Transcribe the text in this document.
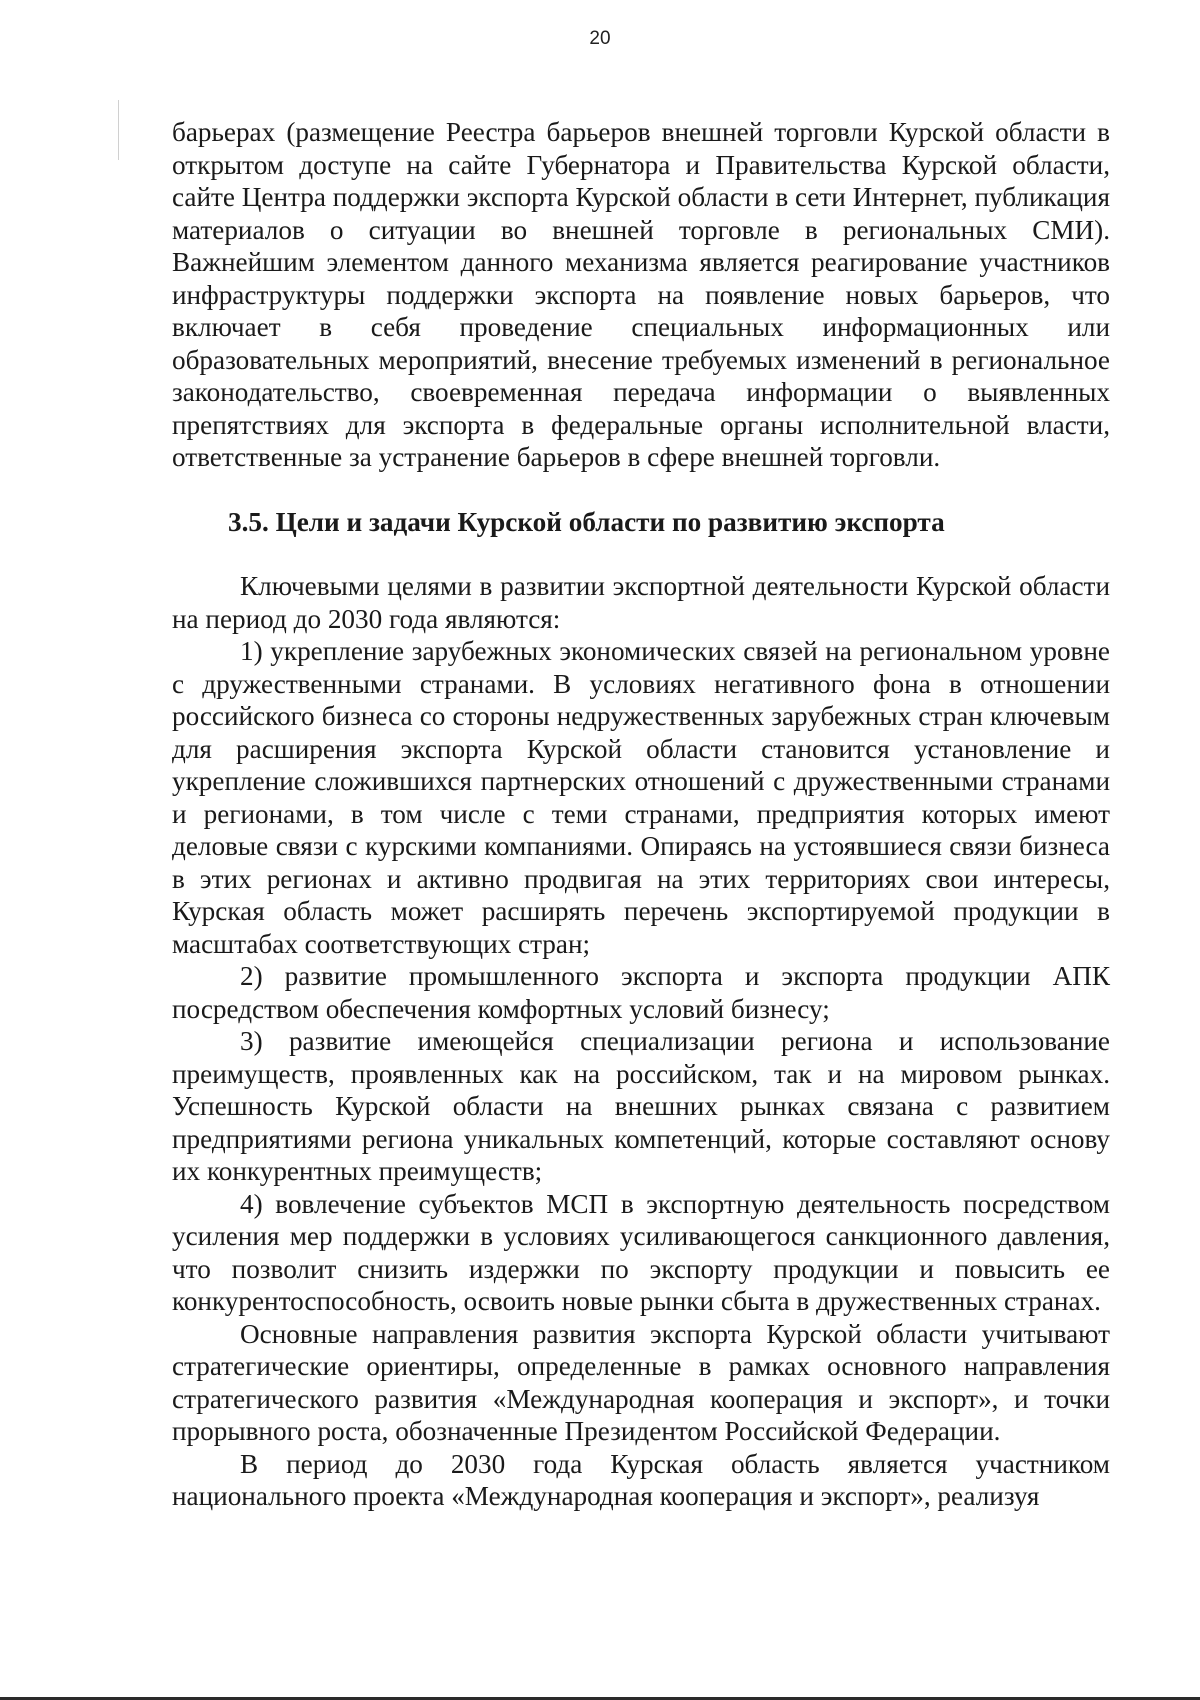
20

барьерах (размещение Реестра барьеров внешней торговли Курской области в открытом доступе на сайте Губернатора и Правительства Курской области, сайте Центра поддержки экспорта Курской области в сети Интернет, публикация материалов о ситуации во внешней торговле в региональных СМИ). Важнейшим элементом данного механизма является реагирование участников инфраструктуры поддержки экспорта на появление новых барьеров, что включает в себя проведение специальных информационных или образовательных мероприятий, внесение требуемых изменений в региональное законодательство, своевременная передача информации о выявленных препятствиях для экспорта в федеральные органы исполнительной власти, ответственные за устранение барьеров в сфере внешней торговли.

3.5. Цели и задачи Курской области по развитию экспорта

Ключевыми целями в развитии экспортной деятельности Курской области на период до 2030 года являются:

1) укрепление зарубежных экономических связей на региональном уровне с дружественными странами. В условиях негативного фона в отношении российского бизнеса со стороны недружественных зарубежных стран ключевым для расширения экспорта Курской области становится установление и укрепление сложившихся партнерских отношений с дружественными странами и регионами, в том числе с теми странами, предприятия которых имеют деловые связи с курскими компаниями. Опираясь на устоявшиеся связи бизнеса в этих регионах и активно продвигая на этих территориях свои интересы, Курская область может расширять перечень экспортируемой продукции в масштабах соответствующих стран;

2) развитие промышленного экспорта и экспорта продукции АПК посредством обеспечения комфортных условий бизнесу;

3) развитие имеющейся специализации региона и использование преимуществ, проявленных как на российском, так и на мировом рынках. Успешность Курской области на внешних рынках связана с развитием предприятиями региона уникальных компетенций, которые составляют основу их конкурентных преимуществ;

4) вовлечение субъектов МСП в экспортную деятельность посредством усиления мер поддержки в условиях усиливающегося санкционного давления, что позволит снизить издержки по экспорту продукции и повысить ее конкурентоспособность, освоить новые рынки сбыта в дружественных странах.

Основные направления развития экспорта Курской области учитывают стратегические ориентиры, определенные в рамках основного направления стратегического развития «Международная кооперация и экспорт», и точки прорывного роста, обозначенные Президентом Российской Федерации.

В период до 2030 года Курская область является участником национального проекта «Международная кооперация и экспорт», реализуя
